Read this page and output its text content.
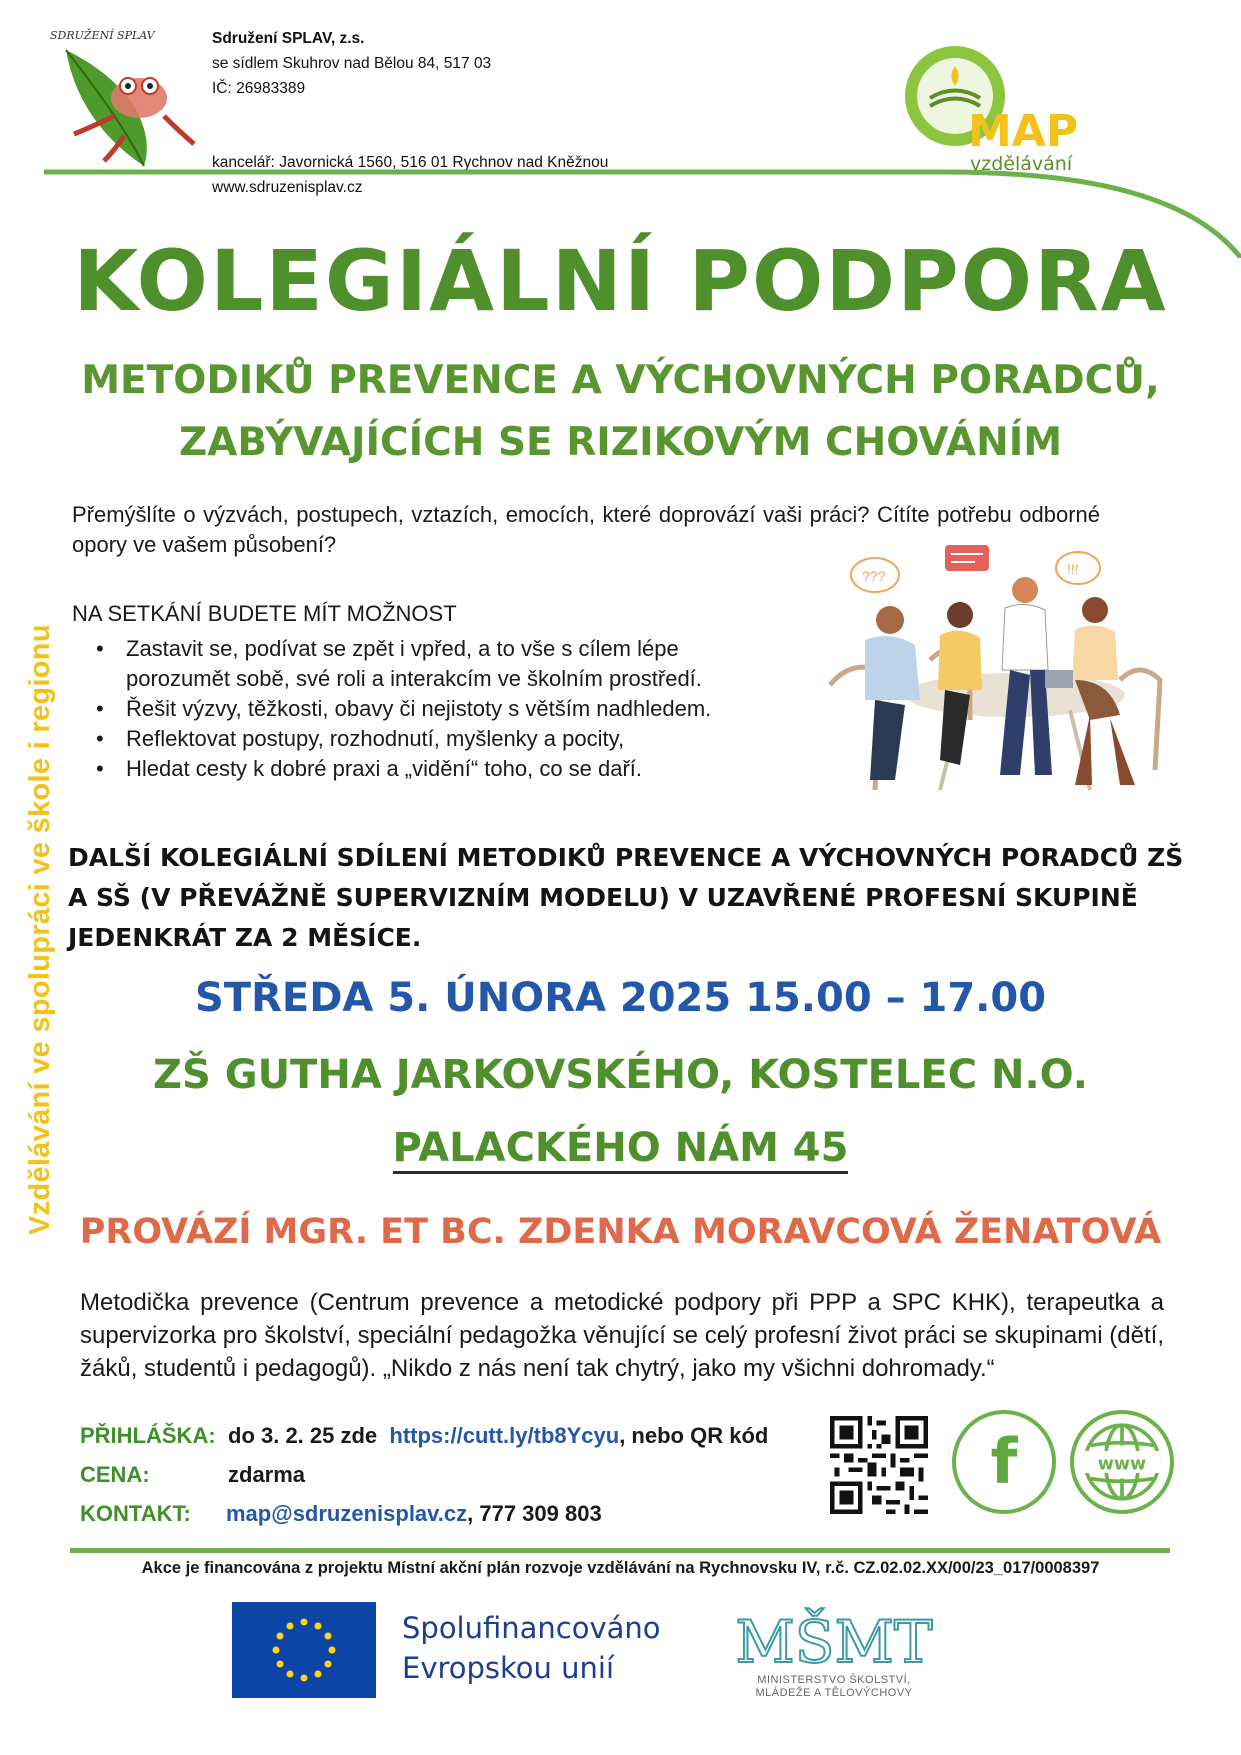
SDRUŽENÍ SPLAV	Sdružení SPLAV, z.s.
se sídlem Skuhrov nad Bělou 84, 517 03
IČ: 26983389
kancelář: Javornická 1560, 516 01 Rychnov nad Kněžnou
www.sdruzenisplav.cz
MAP
vzdělávání
KOLEGIÁLNÍ PODPORA
METODIKŮ PREVENCE A VÝCHOVNÝCH PORADCŮ,
ZABÝVAJÍCÍCH SE RIZIKOVÝM CHOVÁNÍM
Vzdělávání ve spolupráci ve škole i regionu
Přemýšlíte o výzvách, postupech, vztazích, emocích, které doprovází vaši práci? Cítíte potřebu odborné opory ve vašem působení?
NA SETKÁNÍ BUDETE MÍT MOŽNOST
• Zastavit se, podívat se zpět i vpřed, a to vše s cílem lépe porozumět sobě, své roli a interakcím ve školním prostředí.
• Řešit výzvy, těžkosti, obavy či nejistoty s větším nadhledem.
• Reflektovat postupy, rozhodnutí, myšlenky a pocity,
• Hledat cesty k dobré praxi a „vidění“ toho, co se daří.
???	!!!
DALŠÍ KOLEGIÁLNÍ SDÍLENÍ METODIKŮ PREVENCE A VÝCHOVNÝCH PORADCŮ ZŠ A SŠ (V PŘEVÁŽNĚ SUPERVIZNÍM MODELU) V UZAVŘENÉ PROFESNÍ SKUPINĚ JEDENKRÁT ZA 2 MĚSÍCE.
STŘEDA 5. ÚNORA 2025 15.00 – 17.00
ZŠ GUTHA JARKOVSKÉHO, KOSTELEC N.O.
PALACKÉHO NÁM 45
PROVÁZÍ MGR. ET BC. ZDENKA MORAVCOVÁ ŽENATOVÁ
Metodička prevence (Centrum prevence a metodické podpory při PPP a SPC KHK), terapeutka a supervizorka pro školství, speciální pedagožka věnující se celý profesní život práci se skupinami (dětí, žáků, studentů i pedagogů). „Nikdo z nás není tak chytrý, jako my všichni dohromady.“
PŘIHLÁŠKA: do 3. 2. 25 zde https://cutt.ly/tb8Ycyu, nebo QR kód
CENA:	zdarma
KONTAKT: map@sdruzenisplav.cz, 777 309 803
f	www
Akce je financována z projektu Místní akční plán rozvoje vzdělávání na Rychnovsku IV, r.č. CZ.02.02.XX/00/23_017/0008397
Spolufinancováno
Evropskou unií	MŠMT
MINISTERSTVO ŠKOLSTVÍ,
MLÁDEŽE A TĚLOVÝCHOVY
